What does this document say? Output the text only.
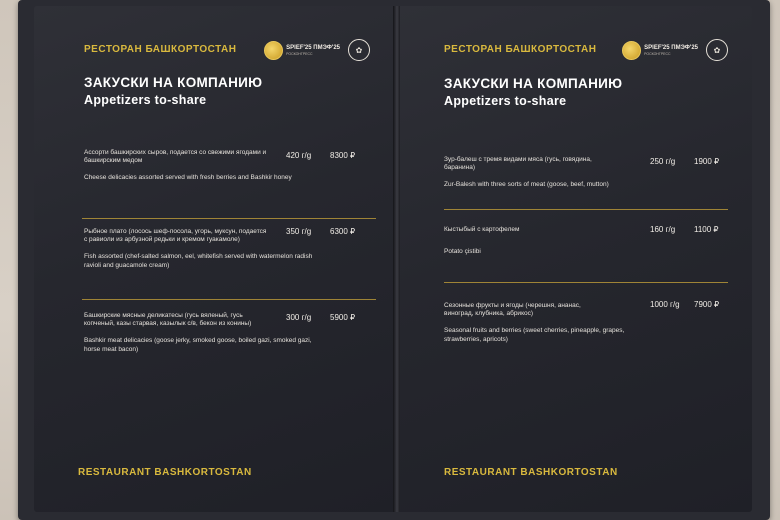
РЕСТОРАН БАШКОРТОСТАН	SPIEF'25 ПМЭФ'25
РОСКОНГРЕСС	✿
ЗАКУСКИ НА КОМПАНИЮ
Appetizers to-share
Ассорти башкирских сыров, подается со свежими ягодами и башкирским медом
Cheese delicacies assorted served with fresh berries and Bashkir honey
420 г/g 8300 ₽
Рыбное плато (лосось шеф-посола, угорь, муксун, подается с равиоли из арбузной редьки и кремом гуакамоле)
Fish assorted (chef-salted salmon, eel, whitefish served with watermelon radish ravioli and guacamole cream)
350 г/g 6300 ₽
Башкирские мясные деликатесы (гусь вяленый, гусь копченый, казы старвая, казылык с/в, бекон из конины)
Bashkir meat delicacies (goose jerky, smoked goose, boiled gazi, smoked gazi, horse meat bacon)
300 г/g 5900 ₽
RESTAURANT BASHKORTOSTAN
РЕСТОРАН БАШКОРТОСТАН	SPIEF'25 ПМЭФ'25
РОСКОНГРЕСС	✿
ЗАКУСКИ НА КОМПАНИЮ
Appetizers to-share
Зур-балеш с тремя видами мяса (гусь, говядина, баранина)
Zur-Balesh with three sorts of meat (goose, beef, mutton)
250 г/g 1900 ₽
Кыстыбый с картофелем
Potato çistibi
160 г/g 1100 ₽
Сезонные фрукты и ягоды (черешня, ананас, виноград, клубника, абрикос)
Seasonal fruits and berries (sweet cherries, pineapple, grapes, strawberries, apricots)
1000 г/g 7900 ₽
RESTAURANT BASHKORTOSTAN
